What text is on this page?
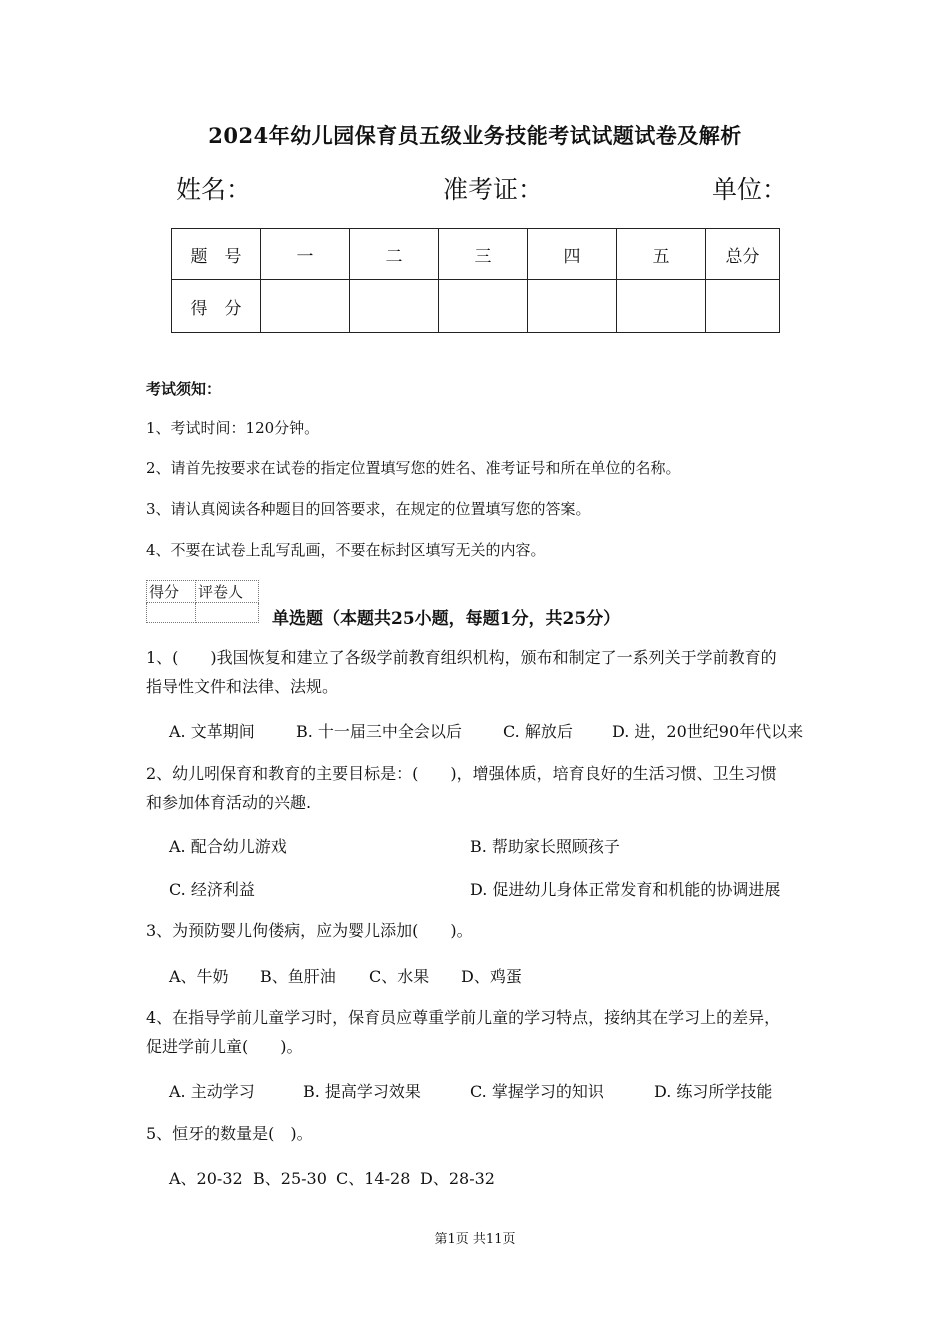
2024年幼儿园保育员五级业务技能考试试题试卷及解析
姓名：	准考证：	单位：
题　号	一	二	三	四	五	总分
得　分						
考试须知：
1、考试时间：120分钟。
2、请首先按要求在试卷的指定位置填写您的姓名、准考证号和所在单位的名称。
3、请认真阅读各种题目的回答要求，在规定的位置填写您的答案。
4、不要在试卷上乱写乱画，不要在标封区填写无关的内容。
得分	评卷人

单选题（本题共25小题，每题1分，共25分）
1、(　　)我国恢复和建立了各级学前教育组织机构，颁布和制定了一系列关于学前教育的
指导性文件和法律、法规。
A. 文革期间	B. 十一届三中全会以后	C. 解放后 D. 进，20世纪90年代以来
2、幼儿吲保育和教育的主要目标是：(　　)，增强体质，培育良好的生活习惯、卫生习惯
和参加体育活动的兴趣.
A. 配合幼儿游戏	B. 帮助家长照顾孩子
C. 经济利益	D. 促进幼儿身体正常发育和机能的协调进展
3、为预防婴儿佝偻病，应为婴儿添加(　　)。
A、牛奶 B、鱼肝油 C、水果 D、鸡蛋
4、在指导学前儿童学习时，保育员应尊重学前儿童的学习特点，接纳其在学习上的差异，
促进学前儿童(　　)。
A. 主动学习	B. 提高学习效果	C. 掌握学习的知识	D. 练习所学技能
5、恒牙的数量是(　)。
A、20-32 B、25-30 C、14-28 D、28-32
第1页 共11页
